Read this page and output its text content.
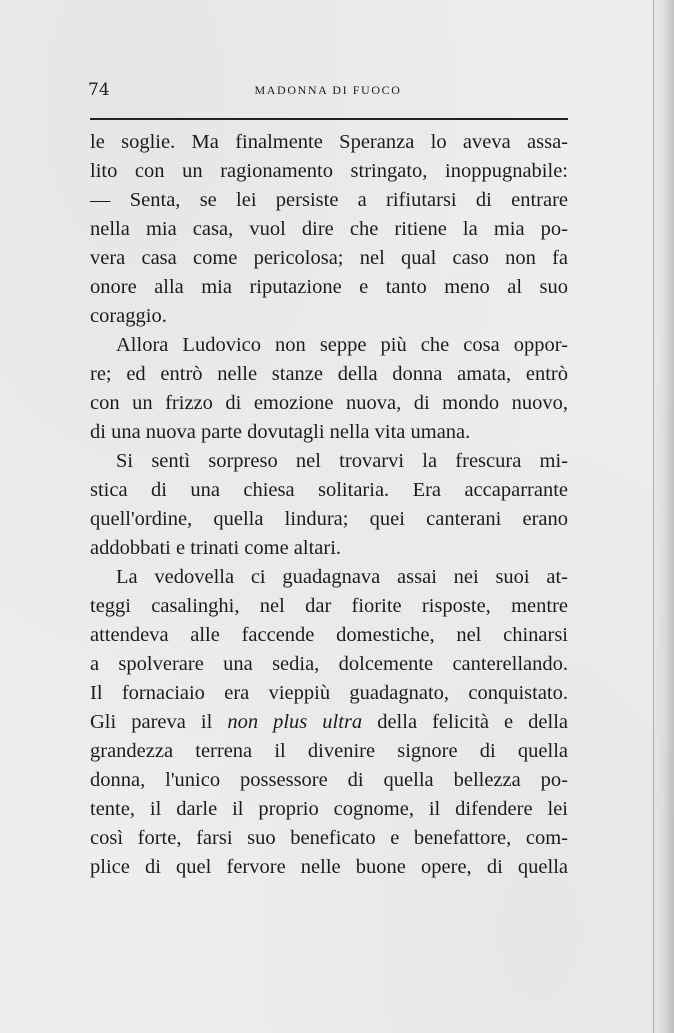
74	MADONNA DI FUOCO
le soglie. Ma finalmente Speranza lo aveva assa-
lito con un ragionamento stringato, inoppugnabile:
— Senta, se lei persiste a rifiutarsi di entrare
nella mia casa, vuol dire che ritiene la mia po-
vera casa come pericolosa; nel qual caso non fa
onore alla mia riputazione e tanto meno al suo
coraggio.
Allora Ludovico non seppe più che cosa oppor-
re; ed entrò nelle stanze della donna amata, entrò
con un frizzo di emozione nuova, di mondo nuovo,
di una nuova parte dovutagli nella vita umana.
Si sentì sorpreso nel trovarvi la frescura mi-
stica di una chiesa solitaria. Era accaparrante
quell'ordine, quella lindura; quei canterani erano
addobbati e trinati come altari.
La vedovella ci guadagnava assai nei suoi at-
teggi casalinghi, nel dar fiorite risposte, mentre
attendeva alle faccende domestiche, nel chinarsi
a spolverare una sedia, dolcemente canterellando.
Il fornaciaio era vieppiù guadagnato, conquistato.
Gli pareva il non plus ultra della felicità e della
grandezza terrena il divenire signore di quella
donna, l'unico possessore di quella bellezza po-
tente, il darle il proprio cognome, il difendere lei
così forte, farsi suo beneficato e benefattore, com-
plice di quel fervore nelle buone opere, di quella
